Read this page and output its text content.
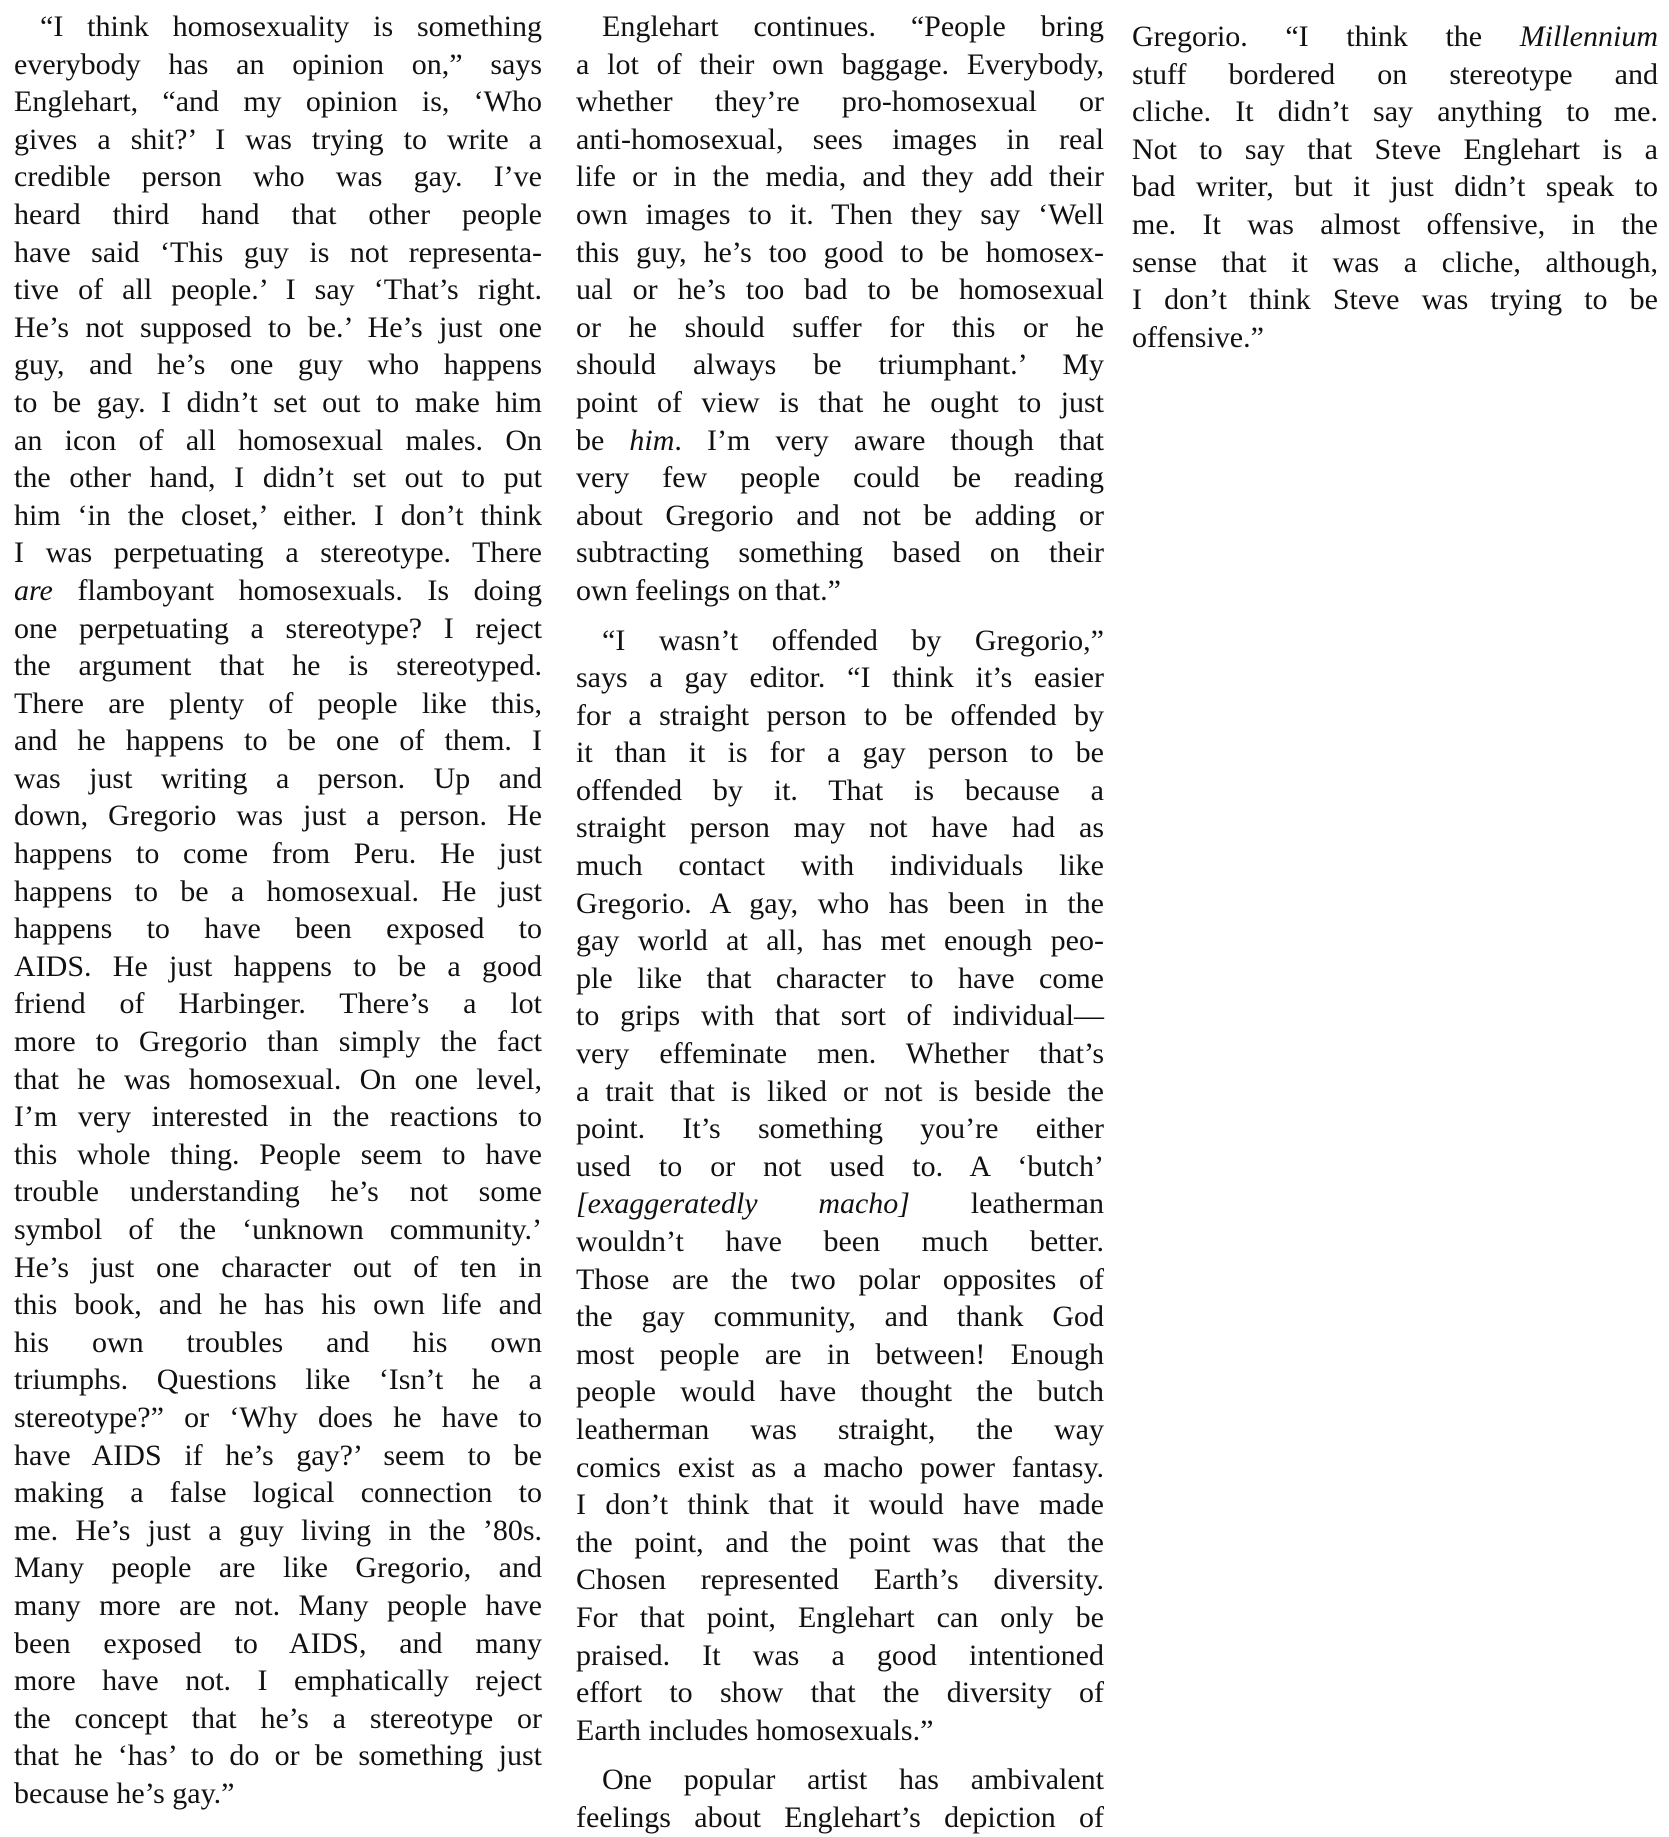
“I think homosexuality is something
everybody has an opinion on,” says
Englehart, “and my opinion is, ‘Who
gives a shit?’ I was trying to write a
credible person who was gay. I’ve
heard third hand that other people
have said ‘This guy is not representa-
tive of all people.’ I say ‘That’s right.
He’s not supposed to be.’ He’s just one
guy, and he’s one guy who happens
to be gay. I didn’t set out to make him
an icon of all homosexual males. On
the other hand, I didn’t set out to put
him ‘in the closet,’ either. I don’t think
I was perpetuating a stereotype. There
are flamboyant homosexuals. Is doing
one perpetuating a stereotype? I reject
the argument that he is stereotyped.
There are plenty of people like this,
and he happens to be one of them. I
was just writing a person. Up and
down, Gregorio was just a person. He
happens to come from Peru. He just
happens to be a homosexual. He just
happens to have been exposed to
AIDS. He just happens to be a good
friend of Harbinger. There’s a lot
more to Gregorio than simply the fact
that he was homosexual. On one level,
I’m very interested in the reactions to
this whole thing. People seem to have
trouble understanding he’s not some
symbol of the ‘unknown community.’
He’s just one character out of ten in
this book, and he has his own life and
his own troubles and his own
triumphs. Questions like ‘Isn’t he a
stereotype?” or ‘Why does he have to
have AIDS if he’s gay?’ seem to be
making a false logical connection to
me. He’s just a guy living in the ’80s.
Many people are like Gregorio, and
many more are not. Many people have
been exposed to AIDS, and many
more have not. I emphatically reject
the concept that he’s a stereotype or
that he ‘has’ to do or be something just
because he’s gay.”

Englehart continues. “People bring
a lot of their own baggage. Everybody,
whether they’re pro-homosexual or
anti-homosexual, sees images in real
life or in the media, and they add their
own images to it. Then they say ‘Well
this guy, he’s too good to be homosex-
ual or he’s too bad to be homosexual
or he should suffer for this or he
should always be triumphant.’ My
point of view is that he ought to just
be him. I’m very aware though that
very few people could be reading
about Gregorio and not be adding or
subtracting something based on their
own feelings on that.”

“I wasn’t offended by Gregorio,”
says a gay editor. “I think it’s easier
for a straight person to be offended by
it than it is for a gay person to be
offended by it. That is because a
straight person may not have had as
much contact with individuals like
Gregorio. A gay, who has been in the
gay world at all, has met enough peo-
ple like that character to have come
to grips with that sort of individual—
very effeminate men. Whether that’s
a trait that is liked or not is beside the
point. It’s something you’re either
used to or not used to. A ‘butch’
[exaggeratedly macho] leatherman
wouldn’t have been much better.
Those are the two polar opposites of
the gay community, and thank God
most people are in between! Enough
people would have thought the butch
leatherman was straight, the way
comics exist as a macho power fantasy.
I don’t think that it would have made
the point, and the point was that the
Chosen represented Earth’s diversity.
For that point, Englehart can only be
praised. It was a good intentioned
effort to show that the diversity of
Earth includes homosexuals.”

One popular artist has ambivalent
feelings about Englehart’s depiction of

Gregorio. “I think the Millennium
stuff bordered on stereotype and
cliche. It didn’t say anything to me.
Not to say that Steve Englehart is a
bad writer, but it just didn’t speak to
me. It was almost offensive, in the
sense that it was a cliche, although,
I don’t think Steve was trying to be
offensive.”
